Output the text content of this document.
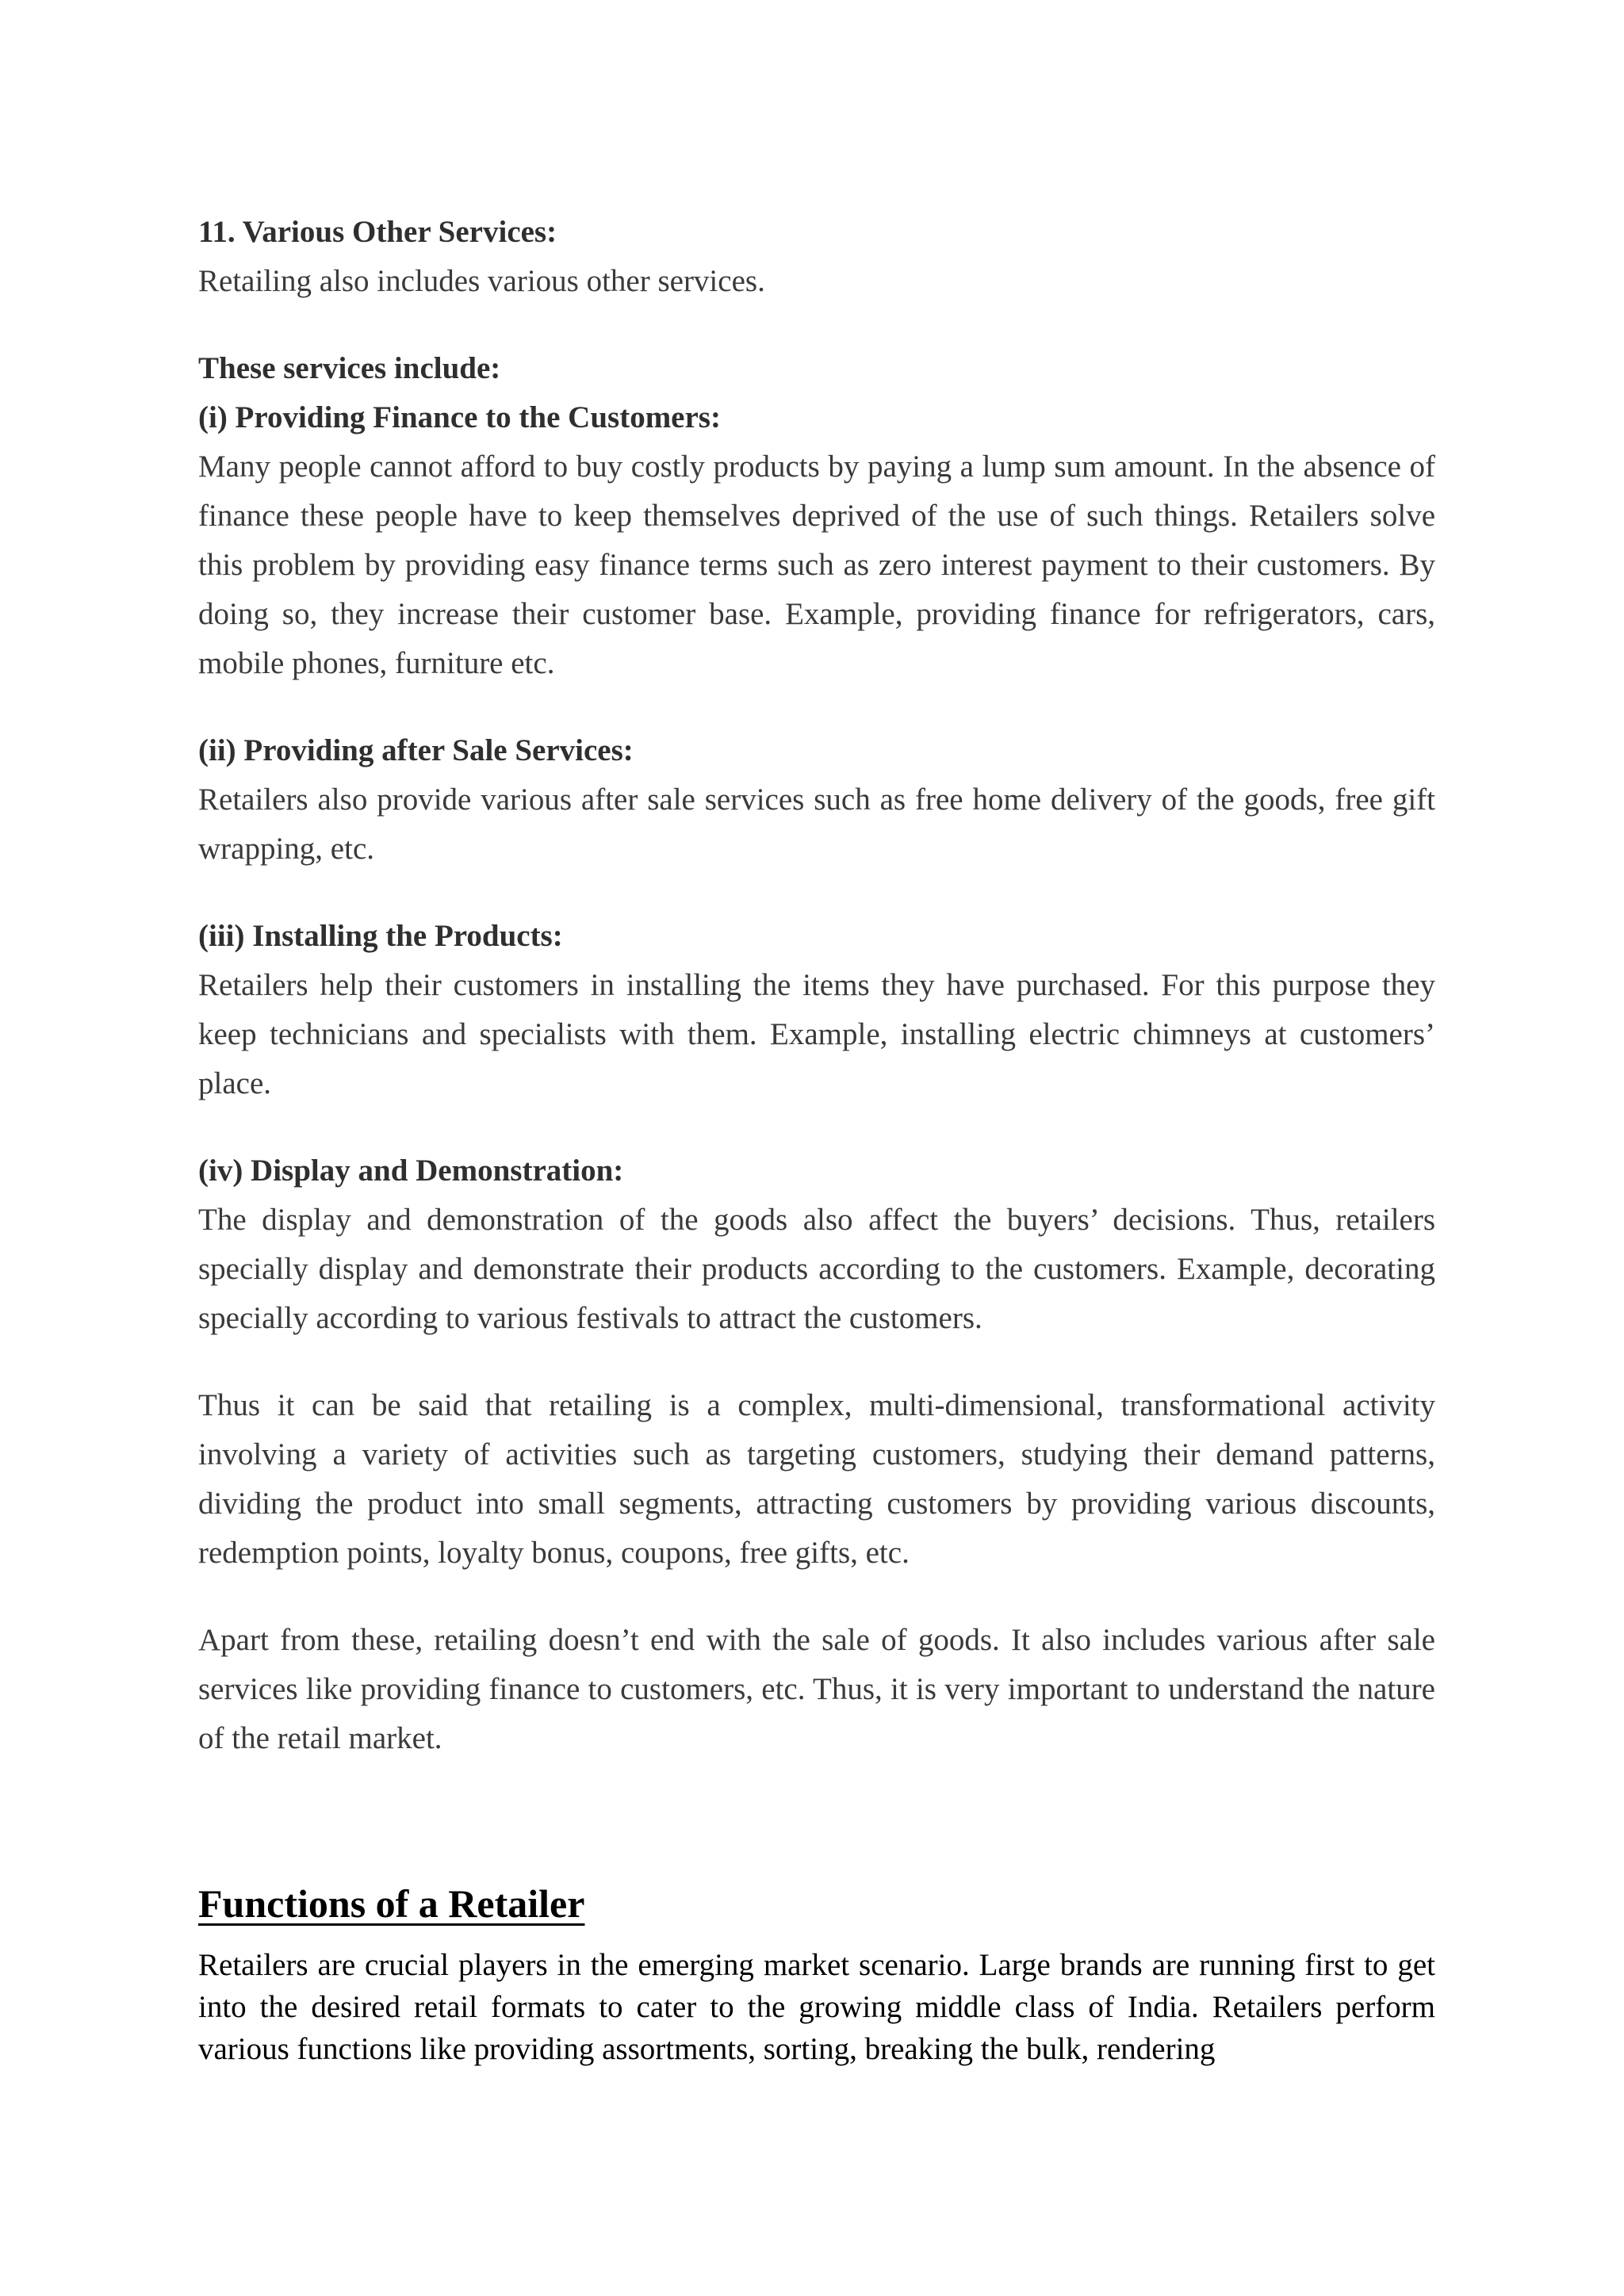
11. Various Other Services:

Retailing also includes various other services.

These services include:

(i) Providing Finance to the Customers:

Many people cannot afford to buy costly products by paying a lump sum amount. In the absence of finance these people have to keep themselves deprived of the use of such things. Retailers solve this problem by providing easy finance terms such as zero interest payment to their customers. By doing so, they increase their customer base. Example, providing finance for refrigerators, cars, mobile phones, furniture etc.

(ii) Providing after Sale Services:

Retailers also provide various after sale services such as free home delivery of the goods, free gift wrapping, etc.

(iii) Installing the Products:

Retailers help their customers in installing the items they have purchased. For this purpose they keep technicians and specialists with them. Example, installing electric chimneys at customers’ place.

(iv) Display and Demonstration:

The display and demonstration of the goods also affect the buyers’ decisions. Thus, retailers specially display and demonstrate their products according to the customers. Example, decorating specially according to various festivals to attract the customers.

Thus it can be said that retailing is a complex, multi-dimensional, transformational activity involving a variety of activities such as targeting customers, studying their demand patterns, dividing the product into small segments, attracting customers by providing various discounts, redemption points, loyalty bonus, coupons, free gifts, etc.

Apart from these, retailing doesn’t end with the sale of goods. It also includes various after sale services like providing finance to customers, etc. Thus, it is very important to understand the nature of the retail market.

Functions of a Retailer

Retailers are crucial players in the emerging market scenario. Large brands are running first to get into the desired retail formats to cater to the growing middle class of India. Retailers perform various functions like providing assortments, sorting, breaking the bulk, rendering
